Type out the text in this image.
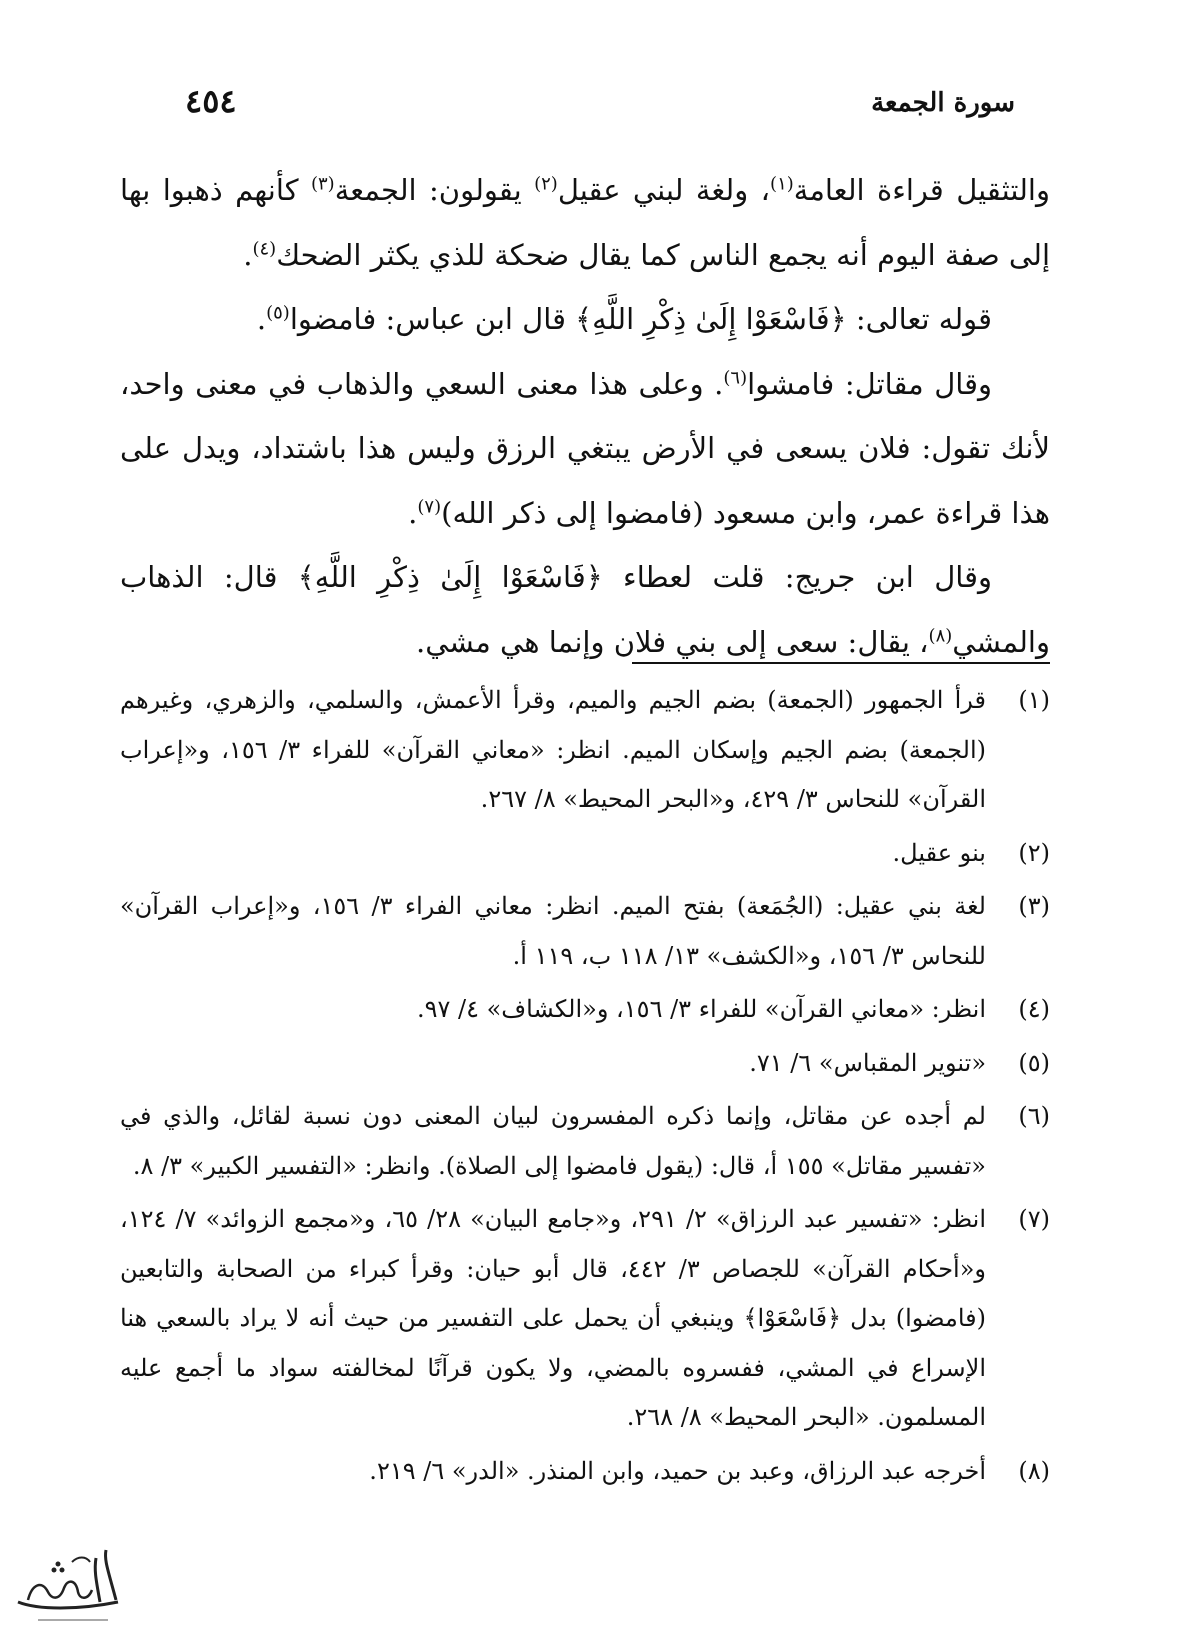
٤٥٤	سورة الجمعة

والتثقيل قراءة العامة$^{(١)}$، ولغة لبني عقيل$^{(٢)}$ يقولون: الجمعة$^{(٣)}$ كأنهم ذهبوا بها إلى صفة اليوم أنه يجمع الناس كما يقال ضحكة للذي يكثر الضحك$^{(٤)}$.

قوله تعالى: ﴿فَاسْعَوْا إِلَىٰ ذِكْرِ اللَّهِ﴾ قال ابن عباس: فامضوا$^{(٥)}$.

وقال مقاتل: فامشوا$^{(٦)}$. وعلى هذا معنى السعي والذهاب في معنى واحد، لأنك تقول: فلان يسعى في الأرض يبتغي الرزق وليس هذا باشتداد، ويدل على هذا قراءة عمر، وابن مسعود (فامضوا إلى ذكر الله)$^{(٧)}$.

وقال ابن جريج: قلت لعطاء ﴿فَاسْعَوْا إِلَىٰ ذِكْرِ اللَّهِ﴾ قال: الذهاب والمشي$^{(٨)}$، يقال: سعى إلى بني فلان وإنما هي مشي.

(١)
قرأ الجمهور (الجمعة) بضم الجيم والميم، وقرأ الأعمش، والسلمي، والزهري، وغيرهم (الجمعة) بضم الجيم وإسكان الميم. انظر: «معاني القرآن» للفراء ٣/ ١٥٦، و«إعراب القرآن» للنحاس ٣/ ٤٢٩، و«البحر المحيط» ٨/ ٢٦٧.
(٢)
بنو عقيل.
(٣)
لغة بني عقيل: (الجُمَعة) بفتح الميم. انظر: معاني الفراء ٣/ ١٥٦، و«إعراب القرآن» للنحاس ٣/ ١٥٦، و«الكشف» ١٣/ ١١٨ ب، ١١٩ أ.
(٤)
انظر: «معاني القرآن» للفراء ٣/ ١٥٦، و«الكشاف» ٤/ ٩٧.
(٥)
«تنوير المقباس» ٦/ ٧١.
(٦)
لم أجده عن مقاتل، وإنما ذكره المفسرون لبيان المعنى دون نسبة لقائل، والذي في «تفسير مقاتل» ١٥٥ أ، قال: (يقول فامضوا إلى الصلاة). وانظر: «التفسير الكبير» ٣/ ٨.
(٧)
انظر: «تفسير عبد الرزاق» ٢/ ٢٩١، و«جامع البيان» ٢٨/ ٦٥، و«مجمع الزوائد» ٧/ ١٢٤، و«أحكام القرآن» للجصاص ٣/ ٤٤٢، قال أبو حيان: وقرأ كبراء من الصحابة والتابعين (فامضوا) بدل ﴿فَاسْعَوْا﴾ وينبغي أن يحمل على التفسير من حيث أنه لا يراد بالسعي هنا الإسراع في المشي، ففسروه بالمضي، ولا يكون قرآنًا لمخالفته سواد ما أجمع عليه المسلمون. «البحر المحيط» ٨/ ٢٦٨.
(٨)
أخرجه عبد الرزاق، وعبد بن حميد، وابن المنذر. «الدر» ٦/ ٢١٩.
